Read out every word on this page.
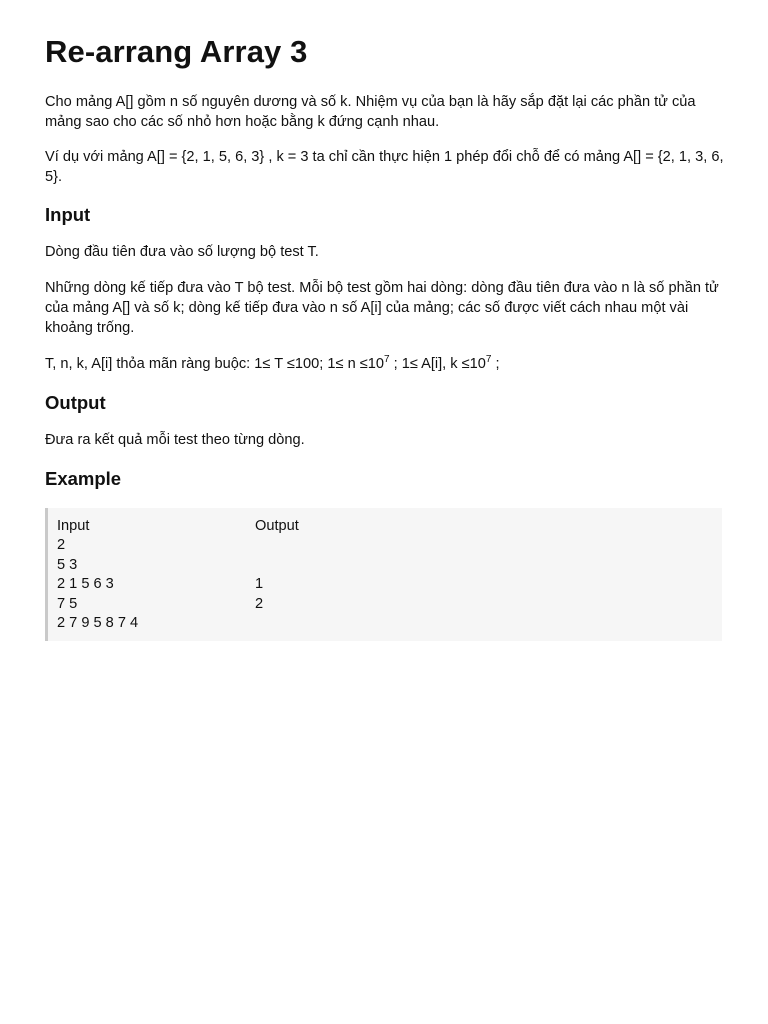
Re-arrang Array 3
Cho mảng A[] gồm n số nguyên dương và số k. Nhiệm vụ của bạn là hãy sắp đặt lại các phần tử của mảng sao cho các số nhỏ hơn hoặc bằng k đứng cạnh nhau.
Ví dụ với mảng A[] = {2, 1, 5, 6, 3} , k = 3 ta chỉ cần thực hiện 1 phép đổi chỗ để có mảng A[] = {2, 1, 3, 6, 5}.
Input
Dòng đầu tiên đưa vào số lượng bộ test T.
Những dòng kế tiếp đưa vào T bộ test. Mỗi bộ test gồm hai dòng: dòng đầu tiên đưa vào n là số phần tử của mảng A[] và số k; dòng kế tiếp đưa vào n số A[i] của mảng; các số được viết cách nhau một vài khoảng trống.
T, n, k, A[i] thỏa mãn ràng buộc: 1≤ T ≤100; $1\le n \le 10^7$ ; 1≤ A[i], $k \le 10^7$ ;
Output
Đưa ra kết quả mỗi test theo từng dòng.
Example
Input
2
5 3
2 1 5 6 3
7 5
2 7 9 5 8 7 4
Output
1
2
